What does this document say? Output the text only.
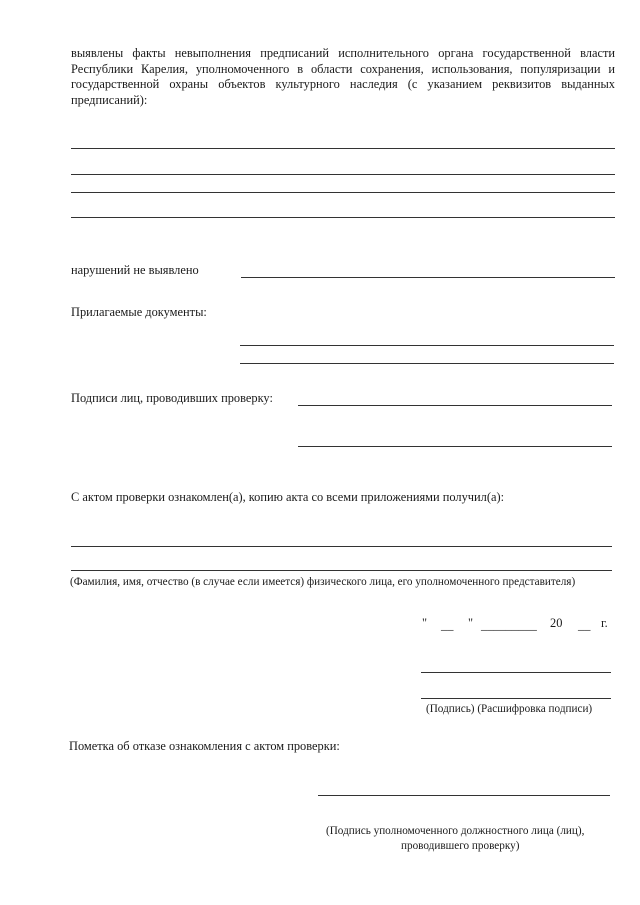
выявлены факты невыполнения предписаний исполнительного органа государственной власти Республики Карелия, уполномоченного в области сохранения, использования, популяризации и государственной охраны объектов культурного наследия (с указанием реквизитов выданных предписаний):
нарушений не выявлено
Прилагаемые документы:
Подписи лиц, проводивших проверку:
С актом проверки ознакомлен(а), копию акта со всеми приложениями получил(а):
(Фамилия, имя, отчество (в случае если имеется) физического лица, его уполномоченного представителя)
" __ " _________ 20 __ г.
(Подпись) (Расшифровка подписи)
Пометка об отказе ознакомления с актом проверки:
(Подпись уполномоченного должностного лица (лиц),
проводившего проверку)
